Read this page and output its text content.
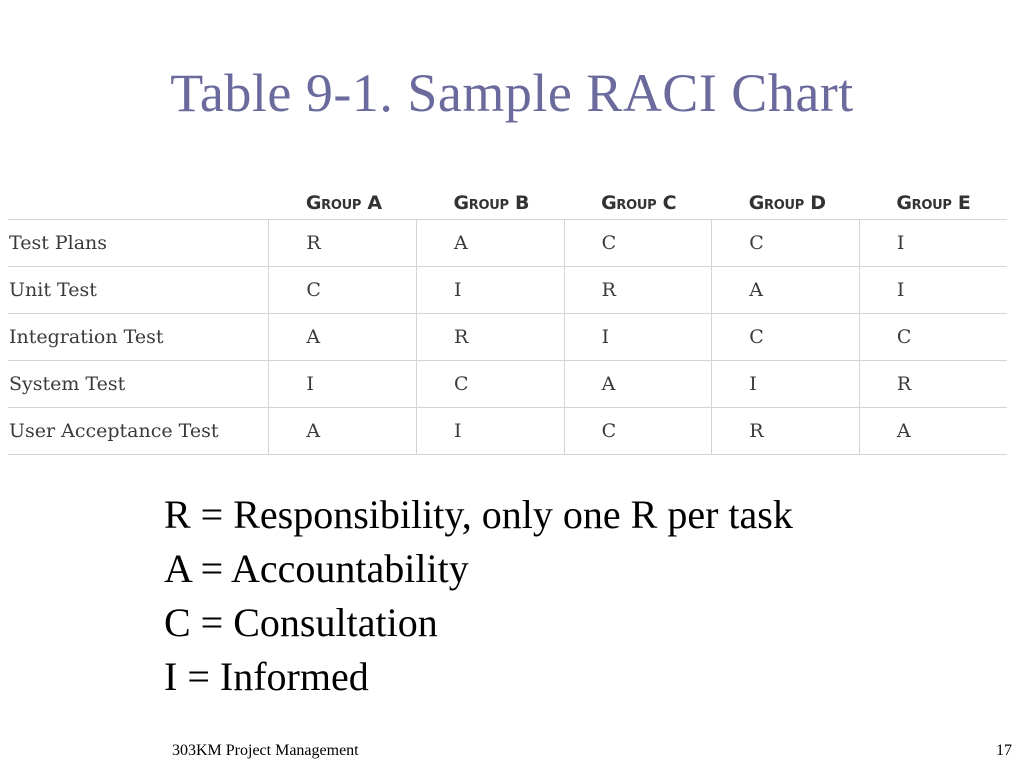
Table 9-1. Sample RACI Chart
	Group A	Group B	Group C	Group D	Group E
Test Plans	R	A	C	C	I
Unit Test	C	I	R	A	I
Integration Test	A	R	I	C	C
System Test	I	C	A	I	R
User Acceptance Test	A	I	C	R	A
R = Responsibility, only one R per task
A = Accountability
C = Consultation
I = Informed
303KM Project Management	17
